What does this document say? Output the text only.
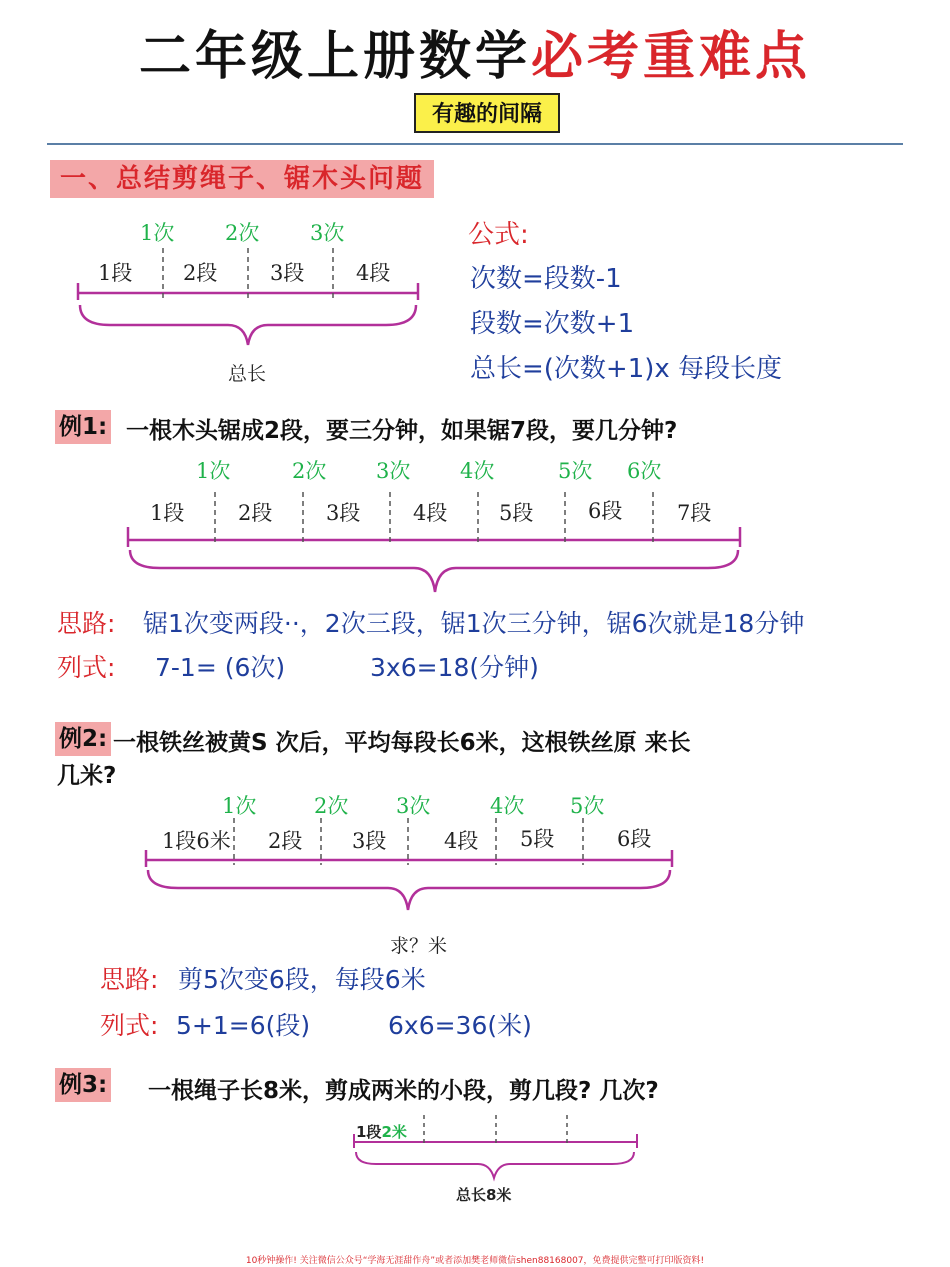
二年级上册数学必考重难点
有趣的间隔
一、总结剪绳子、锯木头问题
1次 2次 3次
1段 2段	3段 4段
总长
公式:
次数=段数-1
段数=次数+1
总长=(次数+1)x 每段长度
例1: 一根木头锯成2段，要三分钟，如果锯7段，要几分钟?
1次	2次 3次 4次	5次 6次
1段	2段	3段	4段 5段	6段	7段
思路: 锯1次变两段··，2次三段，锯1次三分钟，锯6次就是18分钟
列式: 7-1= (6次)	3x6=18(分钟)
例2: 一根铁丝被黄S 次后，平均每段长6米，这根铁丝原 来长
几米?
1次	2次 3次	4次 5次
1段6米 2段 3段	4段 5段	6段
求？米
思路: 剪5次变6段，每段6米
列式: 5+1=6(段)	6x6=36(米)
例3: 一根绳子长8米，剪成两米的小段，剪几段? 几次?
1段2米
总长8米
10秒钟操作! 关注微信公众号“学海无涯甜作舟”或者添加樊老师微信shen88168007，免费提供完整可打印版资料!
